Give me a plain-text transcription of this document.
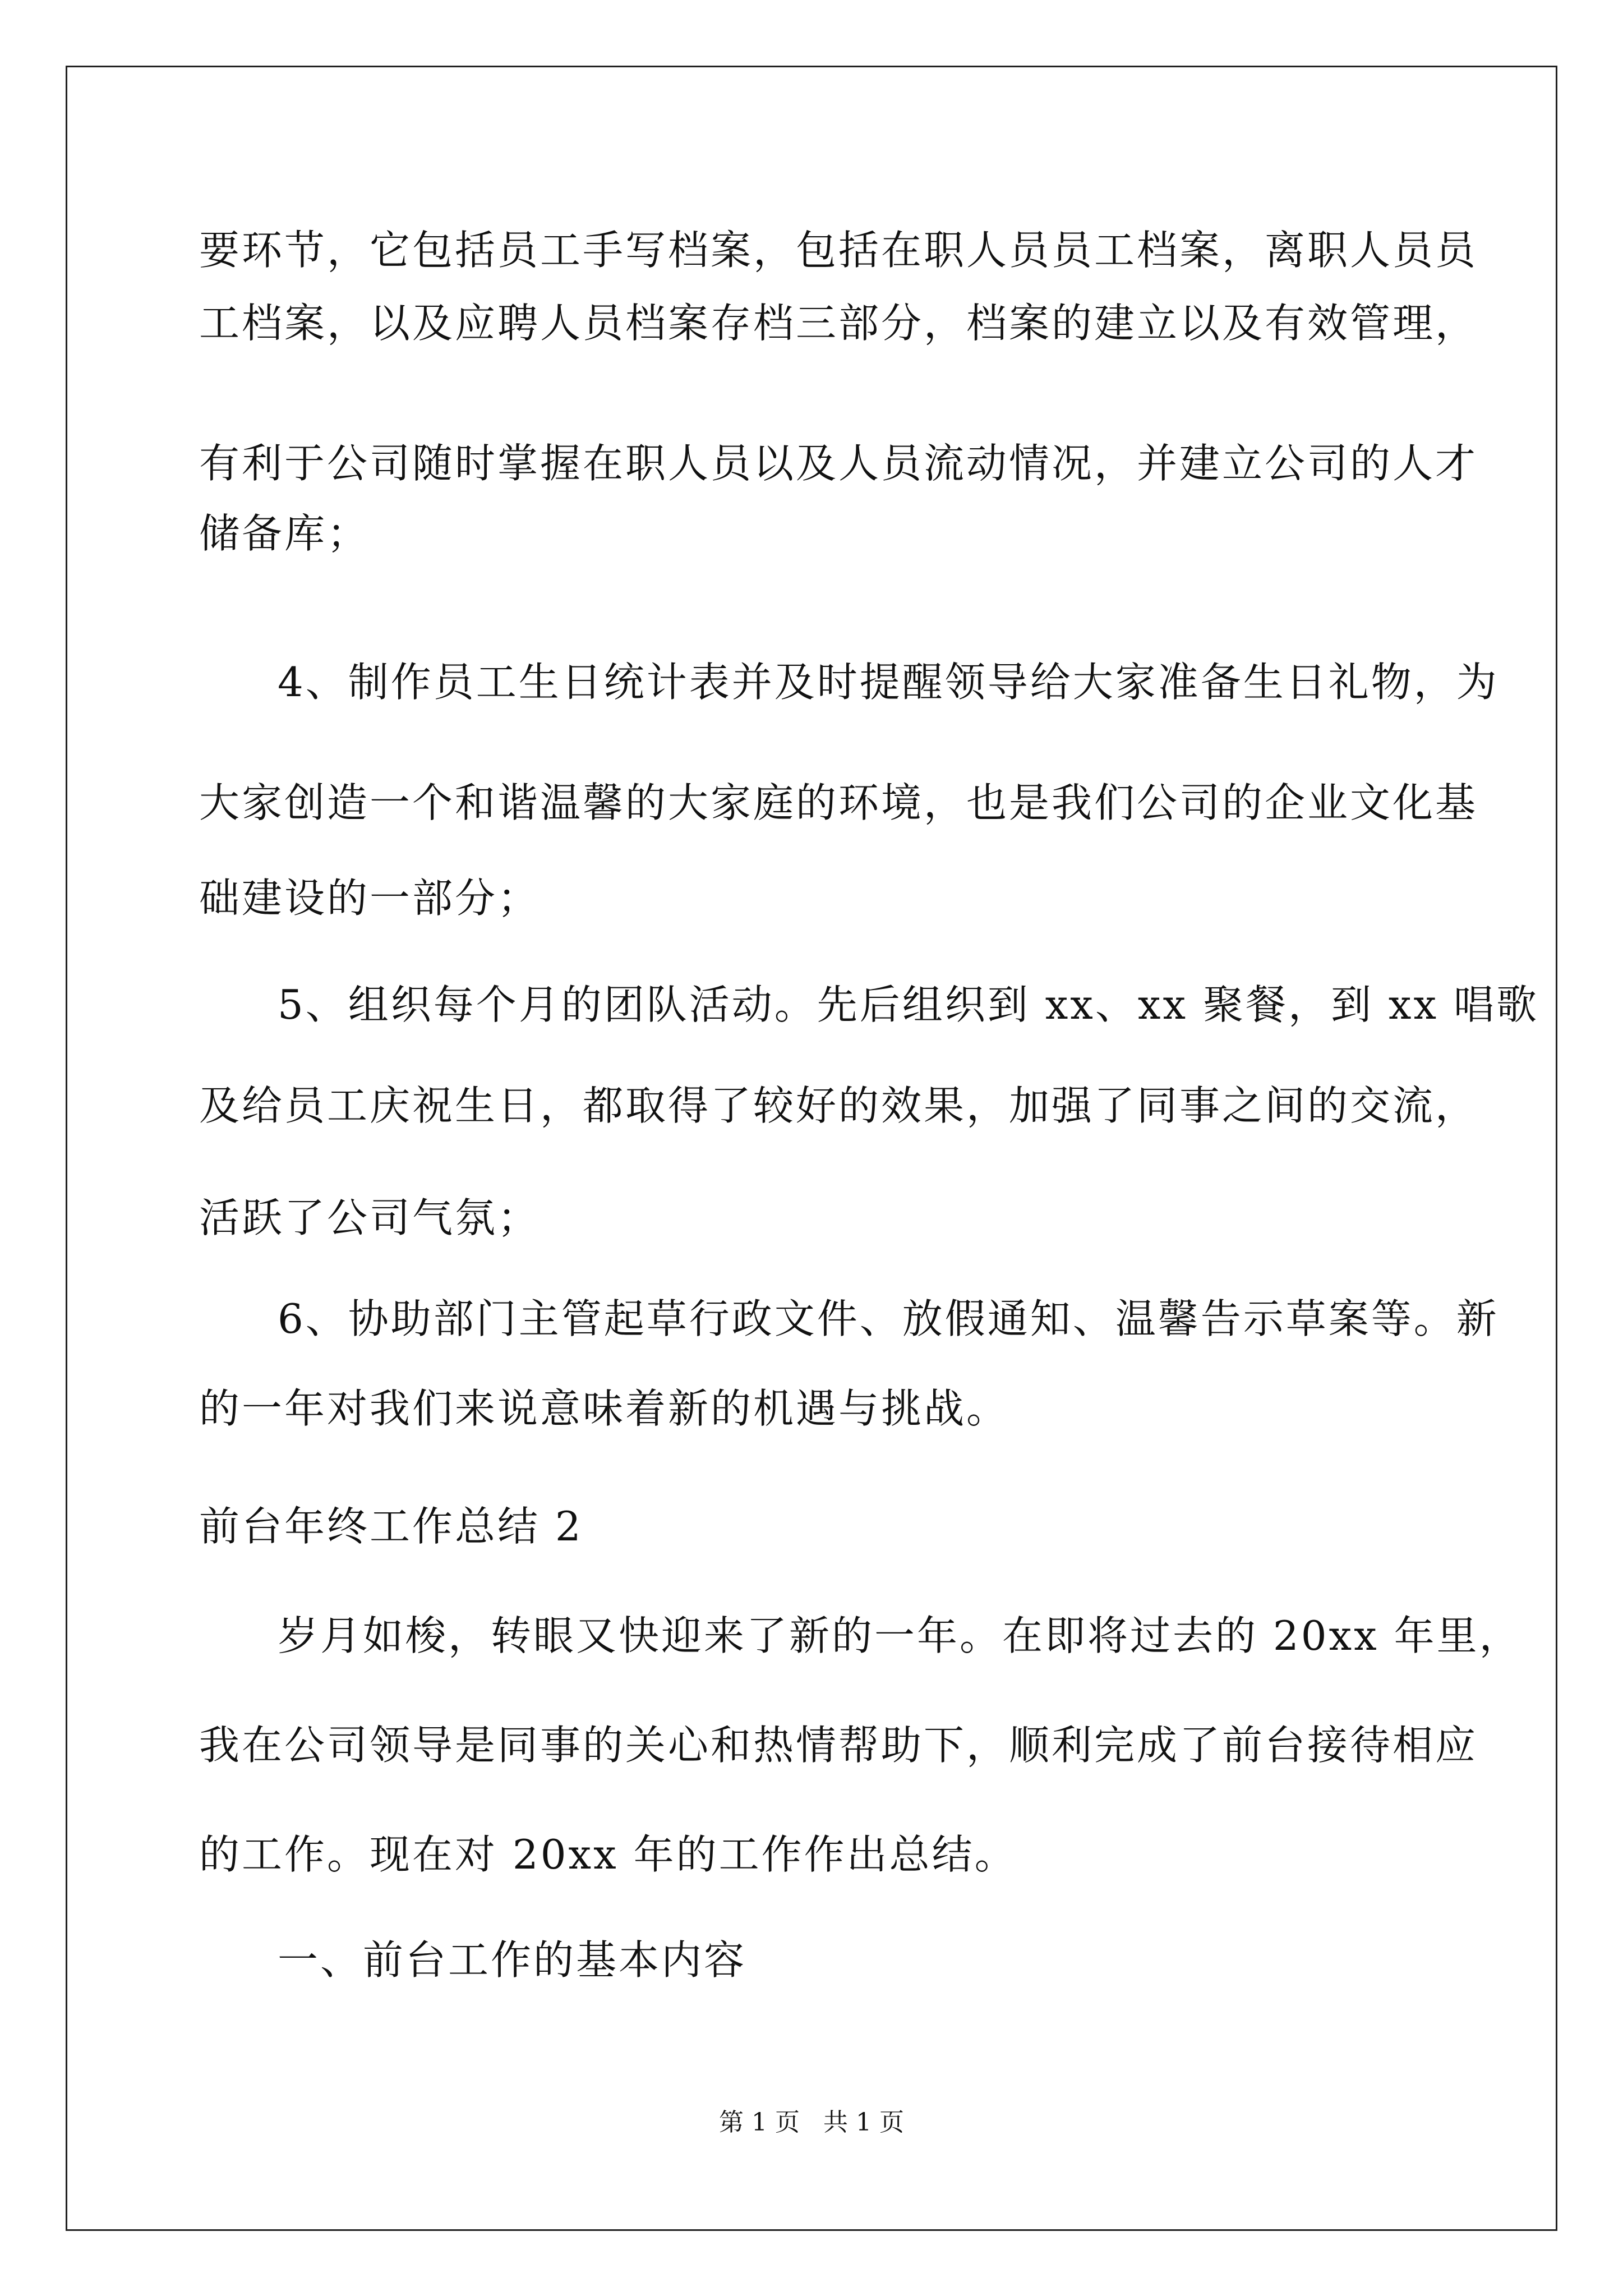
要环节，它包括员工手写档案，包括在职人员员工档案，离职人员员
工档案，以及应聘人员档案存档三部分，档案的建立以及有效管理，
有利于公司随时掌握在职人员以及人员流动情况，并建立公司的人才
储备库；
4、制作员工生日统计表并及时提醒领导给大家准备生日礼物，为
大家创造一个和谐温馨的大家庭的环境，也是我们公司的企业文化基
础建设的一部分；
5、组织每个月的团队活动。先后组织到 xx、xx 聚餐，到 xx 唱歌
及给员工庆祝生日，都取得了较好的效果，加强了同事之间的交流，
活跃了公司气氛；
6、协助部门主管起草行政文件、放假通知、温馨告示草案等。新
的一年对我们来说意味着新的机遇与挑战。
前台年终工作总结 2
岁月如梭，转眼又快迎来了新的一年。在即将过去的 20xx 年里，
我在公司领导是同事的关心和热情帮助下，顺利完成了前台接待相应
的工作。现在对 20xx 年的工作作出总结。
一、前台工作的基本内容
第 1 页   共 1 页
